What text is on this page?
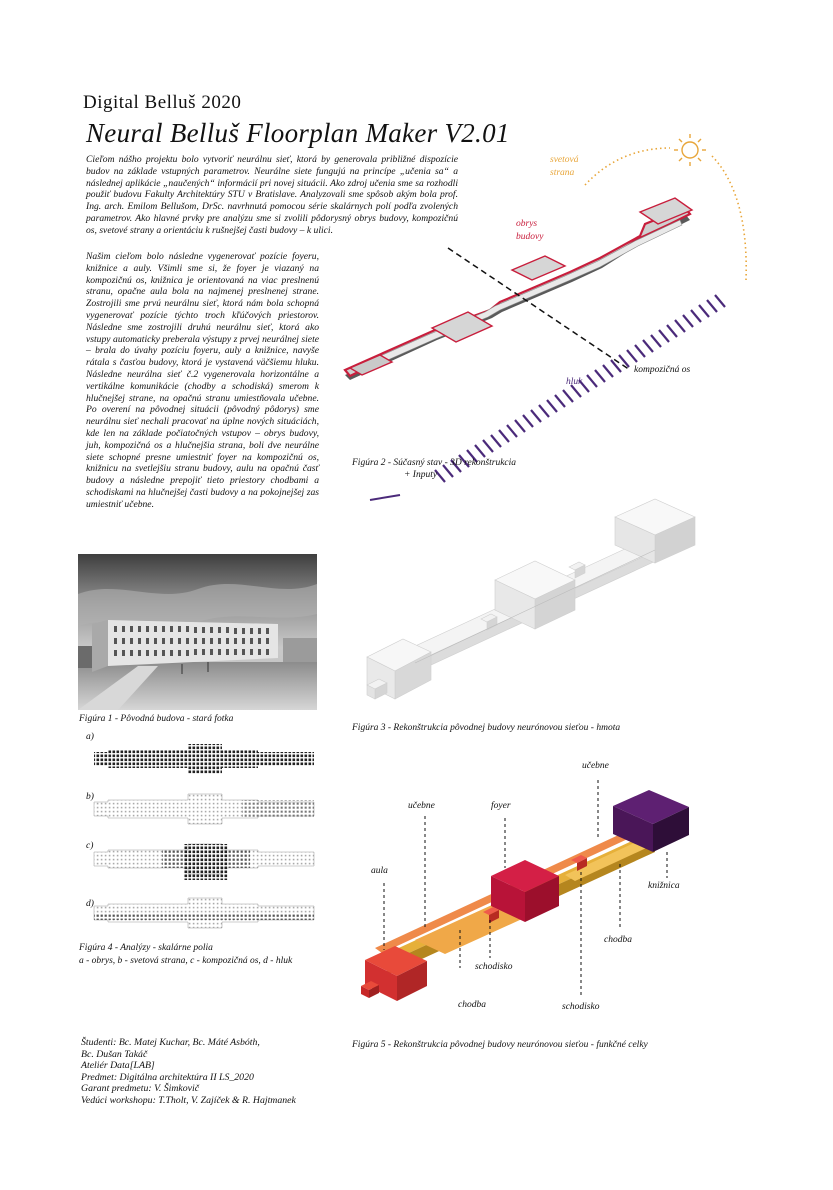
Digital Belluš 2020
Neural Belluš Floorplan Maker V2.01
Cieľom nášho projektu bolo vytvoriť neurálnu sieť, ktorá by generovala približné dispozície budov na základe vstupných parametrov. Neurálne siete fungujú na princípe „učenia sa“ a následnej aplikácie „naučených“ informácií pri novej situácii. Ako zdroj učenia sme sa rozhodli použiť budovu Fakulty Architektúry STU v Bratislave. Analyzovali sme spôsob akým bola prof. Ing. arch. Emilom Bellušom, DrSc. navrhnutá pomocou série skalárnych polí podľa zvolených parametrov. Ako hlavné prvky pre analýzu sme si zvolili pôdorysný obrys budovy, kompozičnú os, svetové strany a orientáciu k rušnejšej časti budovy – k ulici.
Našim cieľom bolo následne vygenerovať pozície foyeru, knižnice a auly. Všimli sme si, že foyer je viazaný na kompozičnú os, knižnica je orientovaná na viac preslnenú stranu, opačne aula bola na najmenej preslnenej strane. Zostrojili sme prvú neurálnu sieť, ktorá nám bola schopná vygenerovať pozície týchto troch kľúčových priestorov. Následne sme zostrojili druhú neurálnu sieť, ktorá ako vstupy automaticky preberala výstupy z prvej neurálnej siete – brala do úvahy pozíciu foyeru, auly a knižnice, navyše rátala s časťou budovy, ktorá je vystavená väčšiemu hluku. Následne neurálna sieť č.2 vygenerovala horizontálne a vertikálne komunikácie (chodby a schodiská) smerom k hlučnejšej strane, na opačnú stranu umiestňovala učebne. Po overení na pôvodnej situácii (pôvodný pôdorys) sme neurálnu sieť nechali pracovať na úplne nových situáciách, kde len na základe počiatočných vstupov – obrys budovy, juh, kompozičná os a hlučnejšia strana, boli dve neurálne siete schopné presne umiestniť foyer na kompozičnú os, knižnicu na svetlejšiu stranu budovy, aulu na opačnú časť budovy a následne prepojiť tieto priestory chodbami a schodiskami na hlučnejšej časti budovy a na pokojnejšej zas umiestniť učebne.
Figúra 1 - Pôvodná budova - stará fotka
a)
b)
c)
d)
Figúra 4 - Analýzy - skalárne polia
a - obrys, b - svetová strana, c - kompozičná os, d - hluk
svetová
strana
obrys
budovy
kompozičná os
hluk
Figúra 2 - Súčasný stav - 3D rekonštrukcia
+ Inputy
Figúra 3 - Rekonštrukcia pôvodnej budovy neurónovou sieťou - hmota
aula
učebne	foyer
učebne
knižnica
chodba
schodisko
chodba	schodisko
Figúra 5 - Rekonštrukcia pôvodnej budovy neurónovou sieťou - funkčné celky
Študenti: Bc. Matej Kuchar, Bc. Máté Asbóth,
Bc. Dušan Takáč
Ateliér Data[LAB]
Predmet: Digitálna architektúra II LS_2020
Garant predmetu: V. Šimkovič
Vedúci workshopu: T.Tholt, V. Zajíček & R. Hajtmanek
